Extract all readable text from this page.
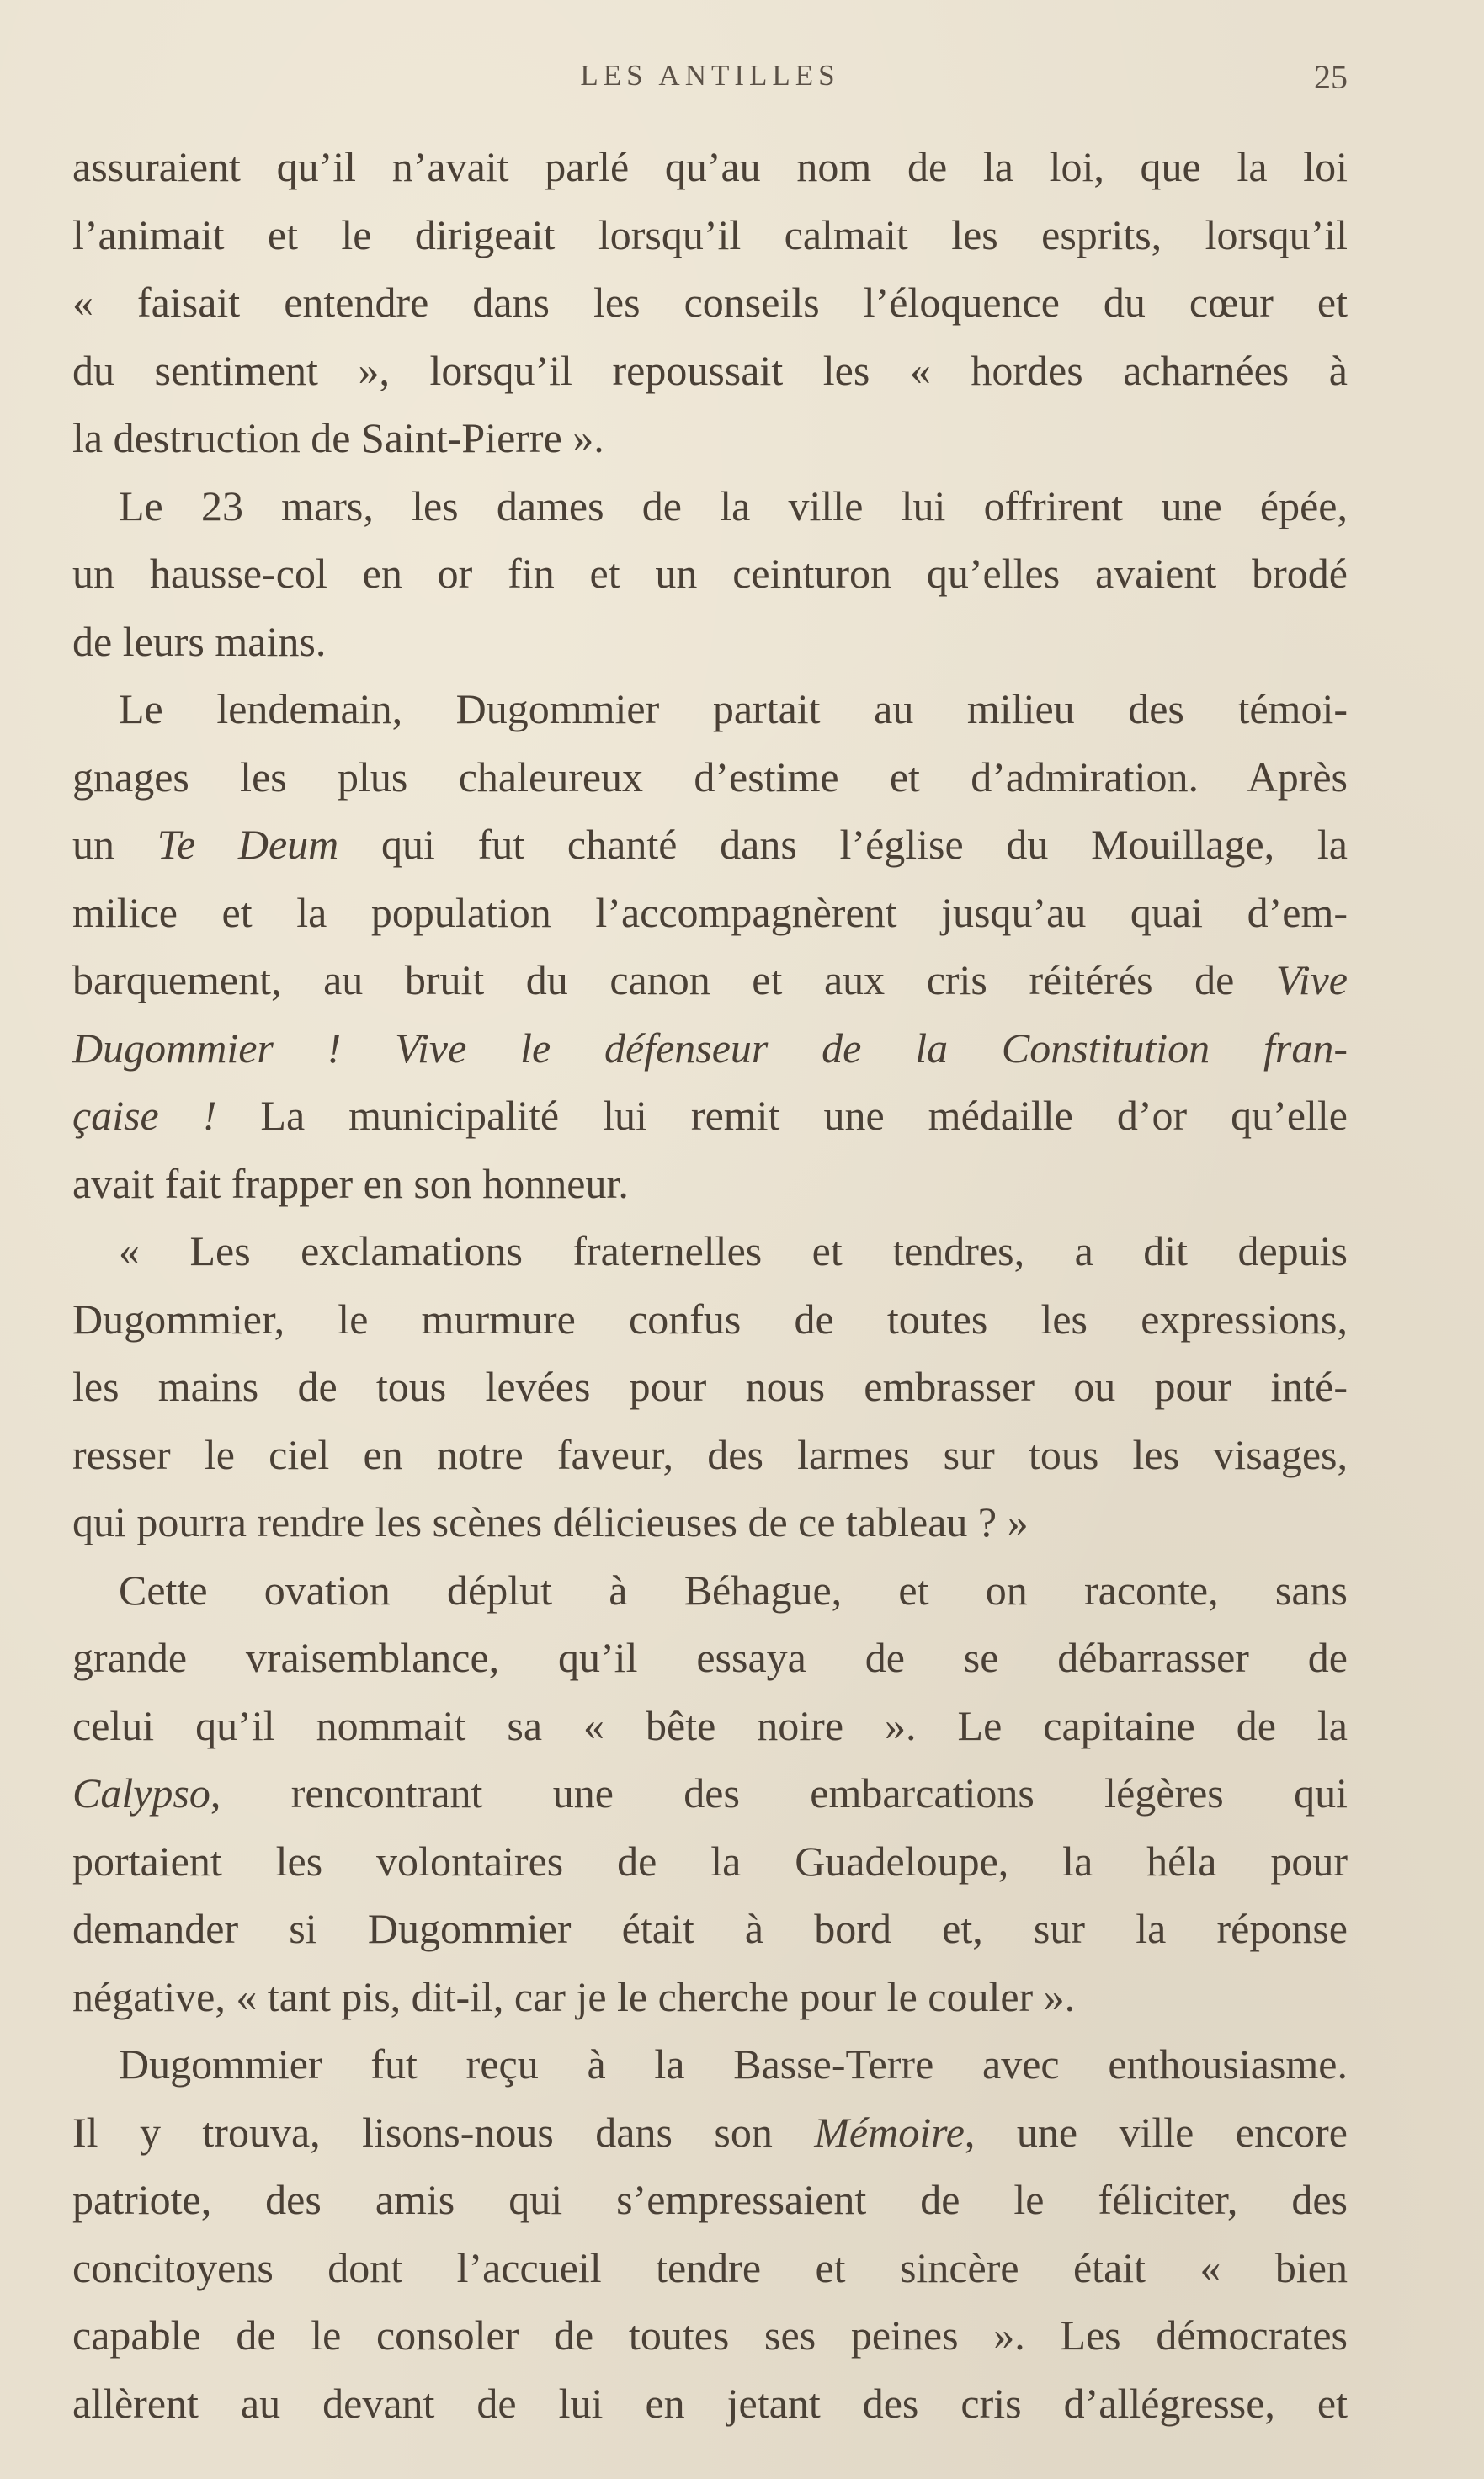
LES ANTILLES	25
assuraient qu’il n’avait parlé qu’au nom de la loi, que la loi
l’animait et le dirigeait lorsqu’il calmait les esprits, lorsqu’il
« faisait entendre dans les conseils l’éloquence du cœur et
du sentiment », lorsqu’il repoussait les « hordes acharnées à
la destruction de Saint-Pierre ».
Le 23 mars, les dames de la ville lui offrirent une épée,
un hausse-col en or fin et un ceinturon qu’elles avaient brodé
de leurs mains.
Le lendemain, Dugommier partait au milieu des témoi-
gnages les plus chaleureux d’estime et d’admiration. Après
un Te Deum qui fut chanté dans l’église du Mouillage, la
milice et la population l’accompagnèrent jusqu’au quai d’em-
barquement, au bruit du canon et aux cris réitérés de Vive
Dugommier ! Vive le défenseur de la Constitution fran-
çaise ! La municipalité lui remit une médaille d’or qu’elle
avait fait frapper en son honneur.
« Les exclamations fraternelles et tendres, a dit depuis
Dugommier, le murmure confus de toutes les expressions,
les mains de tous levées pour nous embrasser ou pour inté-
resser le ciel en notre faveur, des larmes sur tous les visages,
qui pourra rendre les scènes délicieuses de ce tableau ? »
Cette ovation déplut à Béhague, et on raconte, sans
grande vraisemblance, qu’il essaya de se débarrasser de
celui qu’il nommait sa « bête noire ». Le capitaine de la
Calypso, rencontrant une des embarcations légères qui
portaient les volontaires de la Guadeloupe, la héla pour
demander si Dugommier était à bord et, sur la réponse
négative, « tant pis, dit-il, car je le cherche pour le couler ».
Dugommier fut reçu à la Basse-Terre avec enthousiasme.
Il y trouva, lisons-nous dans son Mémoire, une ville encore
patriote, des amis qui s’empressaient de le féliciter, des
concitoyens dont l’accueil tendre et sincère était « bien
capable de le consoler de toutes ses peines ». Les démocrates
allèrent au devant de lui en jetant des cris d’allégresse, et
